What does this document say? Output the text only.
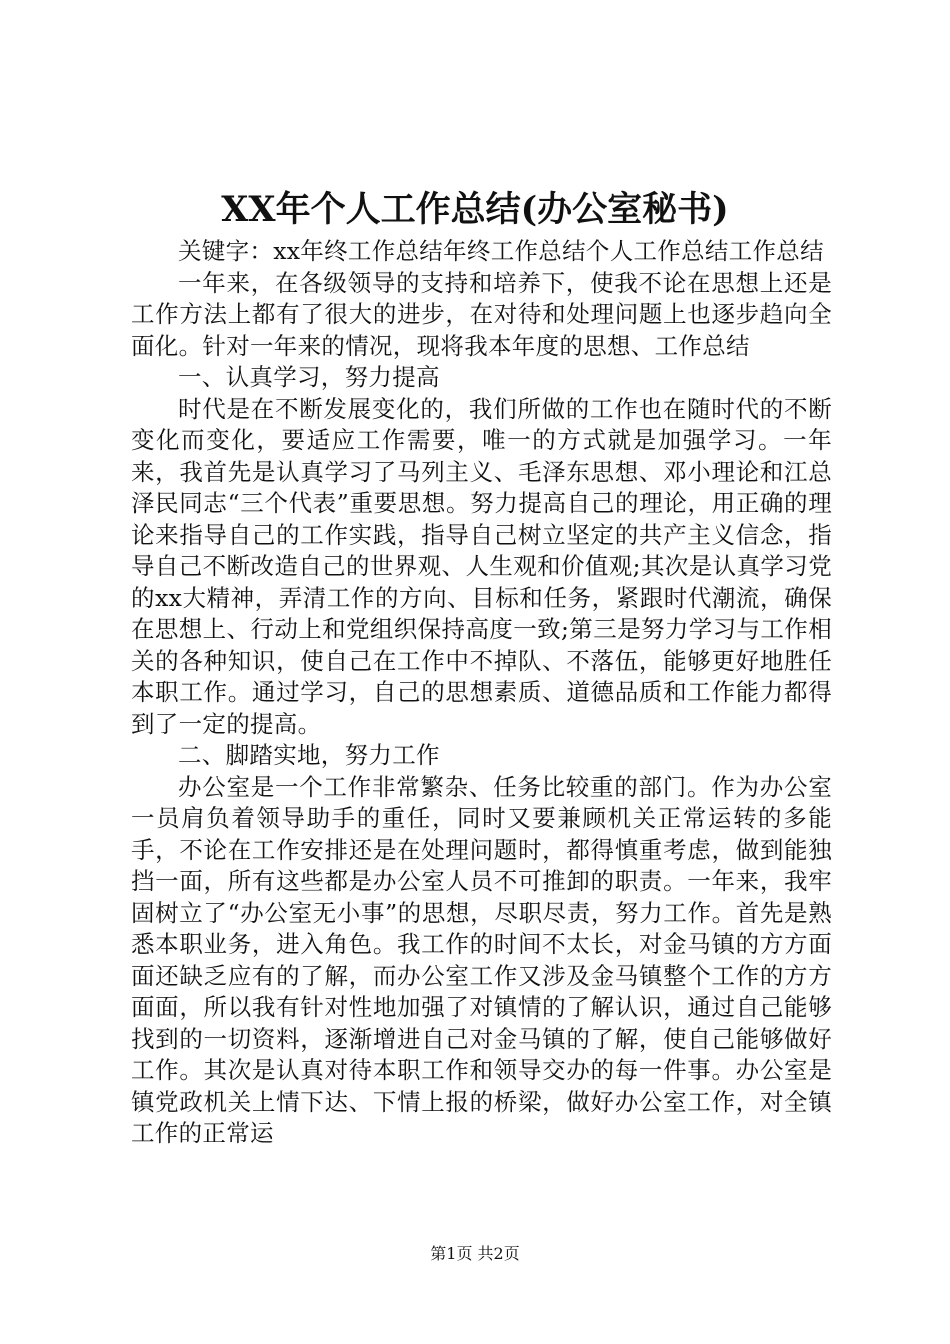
XX年个人工作总结(办公室秘书)

关键字：xx年终工作总结年终工作总结个人工作总结工作总结

一年来，在各级领导的支持和培养下，使我不论在思想上还是工作方法上都有了很大的进步，在对待和处理问题上也逐步趋向全面化。针对一年来的情况，现将我本年度的思想、工作总结

一、认真学习，努力提高

时代是在不断发展变化的，我们所做的工作也在随时代的不断变化而变化，要适应工作需要，唯一的方式就是加强学习。一年来，我首先是认真学习了马列主义、毛泽东思想、邓小理论和江总泽民同志“三个代表”重要思想。努力提高自己的理论，用正确的理论来指导自己的工作实践，指导自己树立坚定的共产主义信念，指导自己不断改造自己的世界观、人生观和价值观;其次是认真学习党的xx大精神，弄清工作的方向、目标和任务，紧跟时代潮流，确保在思想上、行动上和党组织保持高度一致;第三是努力学习与工作相关的各种知识，使自己在工作中不掉队、不落伍，能够更好地胜任本职工作。通过学习，自己的思想素质、道德品质和工作能力都得到了一定的提高。

二、脚踏实地，努力工作

办公室是一个工作非常繁杂、任务比较重的部门。作为办公室一员肩负着领导助手的重任，同时又要兼顾机关正常运转的多能手，不论在工作安排还是在处理问题时，都得慎重考虑，做到能独挡一面，所有这些都是办公室人员不可推卸的职责。一年来，我牢固树立了“办公室无小事”的思想，尽职尽责，努力工作。首先是熟悉本职业务，进入角色。我工作的时间不太长，对金马镇的方方面面还缺乏应有的了解，而办公室工作又涉及金马镇整个工作的方方面面，所以我有针对性地加强了对镇情的了解认识，通过自己能够找到的一切资料，逐渐增进自己对金马镇的了解，使自己能够做好工作。其次是认真对待本职工作和领导交办的每一件事。办公室是镇党政机关上情下达、下情上报的桥梁，做好办公室工作，对全镇工作的正常运

第1页 共2页
